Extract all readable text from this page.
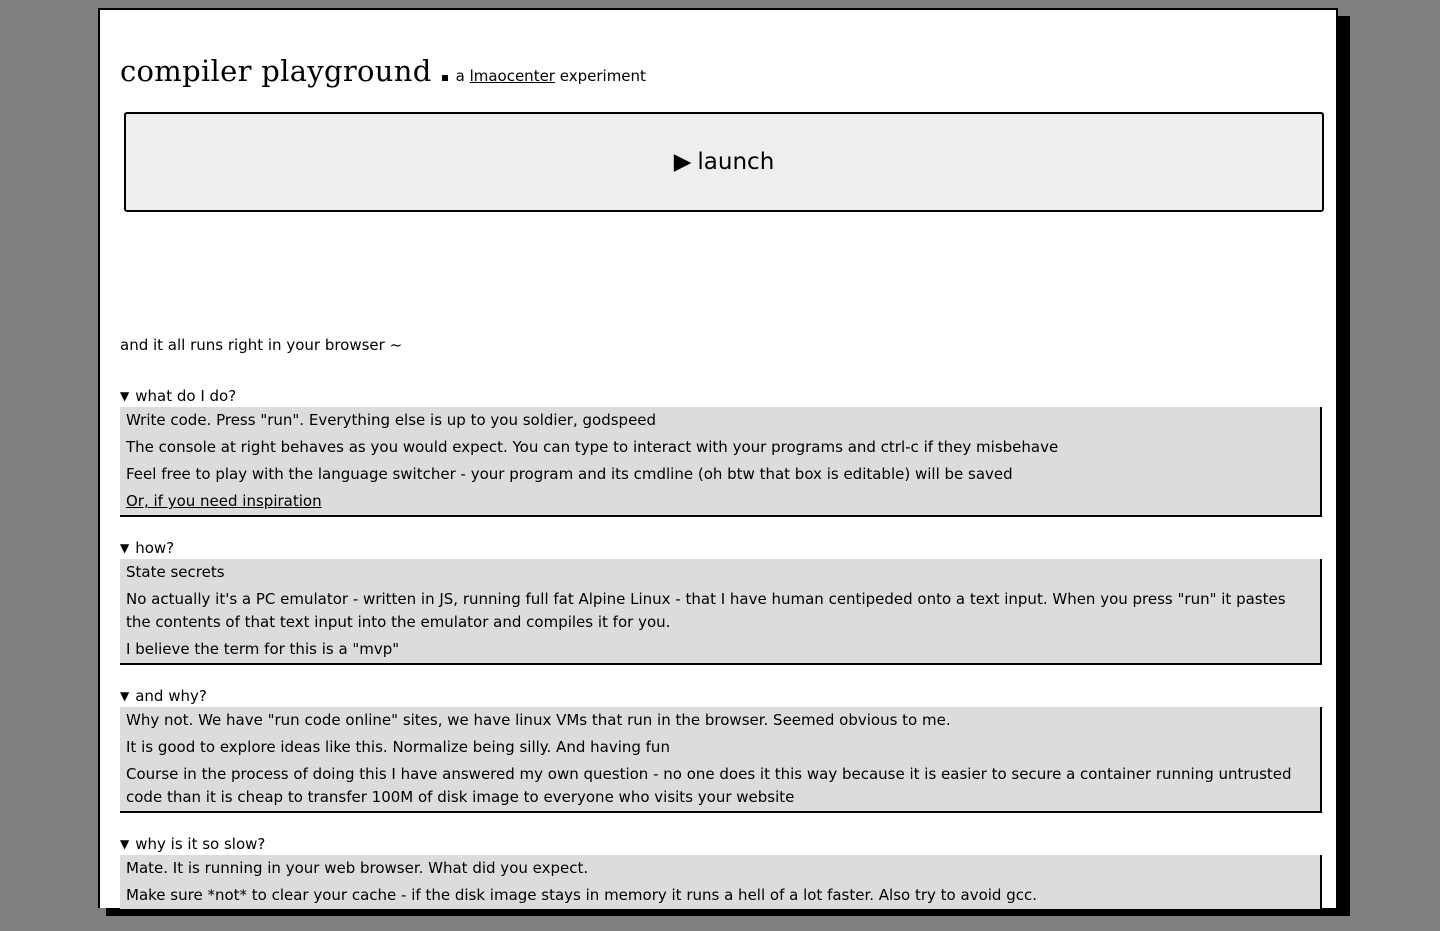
compiler playground a lmaocenter experiment
▶ launch
and it all runs right in your browser ~
▼ what do I do?

Write code. Press "run". Everything else is up to you soldier, godspeed

The console at right behaves as you would expect. You can type to interact with your programs and ctrl-c if they misbehave

Feel free to play with the language switcher - your program and its cmdline (oh btw that box is editable) will be saved

Or, if you need inspiration

▼ how?

State secrets

No actually it's a PC emulator - written in JS, running full fat Alpine Linux - that I have human centipeded onto a text input. When you press "run" it pastes the contents of that text input into the emulator and compiles it for you.

I believe the term for this is a "mvp"

▼ and why?

Why not. We have "run code online" sites, we have linux VMs that run in the browser. Seemed obvious to me.

It is good to explore ideas like this. Normalize being silly. And having fun

Course in the process of doing this I have answered my own question - no one does it this way because it is easier to secure a container running untrusted code than it is cheap to transfer 100M of disk image to everyone who visits your website

▼ why is it so slow?

Mate. It is running in your web browser. What did you expect.

Make sure *not* to clear your cache - if the disk image stays in memory it runs a hell of a lot faster. Also try to avoid gcc.
